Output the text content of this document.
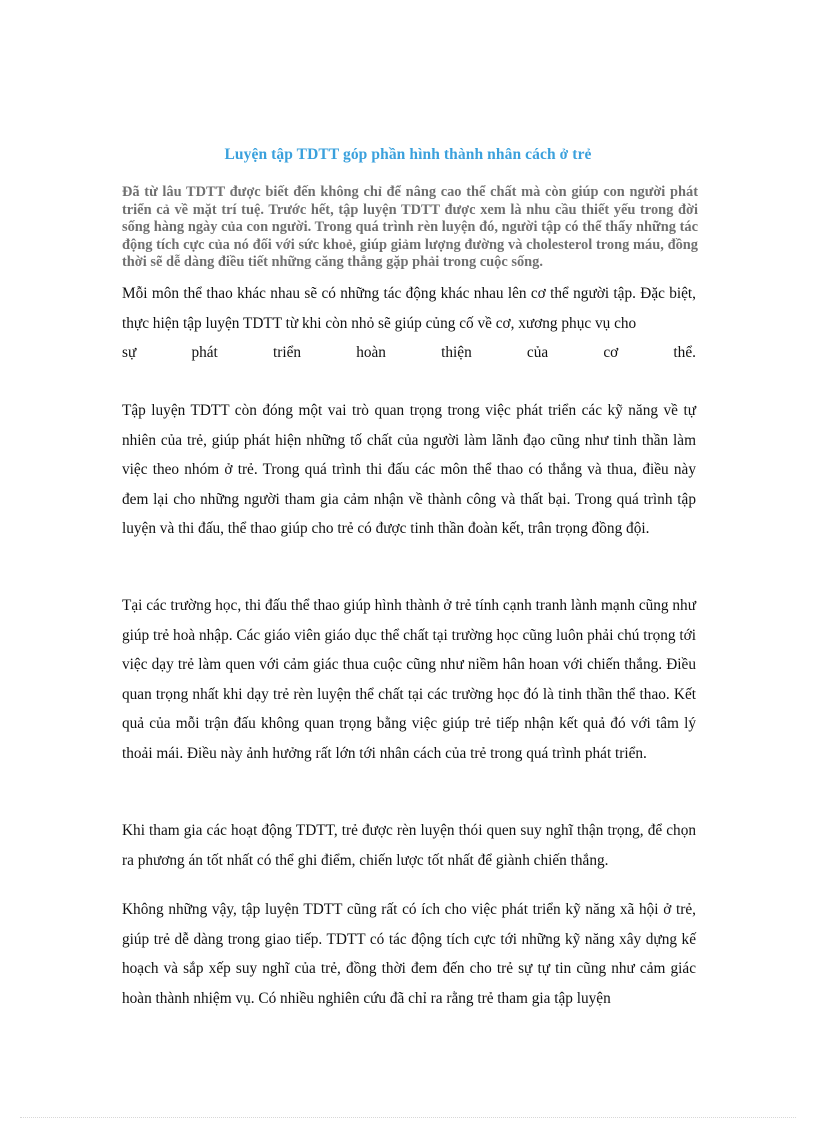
Luyện tập TDTT góp phần hình thành nhân cách ở trẻ
Đã từ lâu TDTT được biết đến không chỉ để nâng cao thể chất mà còn giúp con người phát triển cả về mặt trí tuệ. Trước hết, tập luyện TDTT được xem là nhu cầu thiết yếu trong đời sống hàng ngày của con người. Trong quá trình rèn luyện đó, người tập có thể thấy những tác động tích cực của nó đối với sức khoẻ, giúp giảm lượng đường và cholesterol trong máu, đồng thời sẽ dễ dàng điều tiết những căng thẳng gặp phải trong cuộc sống.
Mỗi môn thể thao khác nhau sẽ có những tác động khác nhau lên cơ thể người tập. Đặc biệt, thực hiện tập luyện TDTT từ khi còn nhỏ sẽ giúp củng cố về cơ, xương phục vụ cho
sự	phát	triển	hoàn	thiện	của	cơ	thể.
Tập luyện TDTT còn đóng một vai trò quan trọng trong việc phát triển các kỹ năng về tự nhiên của trẻ, giúp phát hiện những tố chất của người làm lãnh đạo cũng như tinh thần làm việc theo nhóm ở trẻ. Trong quá trình thi đấu các môn thể thao có thắng và thua, điều này đem lại cho những người tham gia cảm nhận về thành công và thất bại. Trong quá trình tập luyện và thi đấu, thể thao giúp cho trẻ có được tinh thần đoàn kết, trân trọng đồng đội.
Tại các trường học, thi đấu thể thao giúp hình thành ở trẻ tính cạnh tranh lành mạnh cũng như giúp trẻ hoà nhập. Các giáo viên giáo dục thể chất tại trường học cũng luôn phải chú trọng tới việc dạy trẻ làm quen với cảm giác thua cuộc cũng như niềm hân hoan với chiến thắng. Điều quan trọng nhất khi dạy trẻ rèn luyện thể chất tại các trường học đó là tinh thần thể thao. Kết quả của mỗi trận đấu không quan trọng bằng việc giúp trẻ tiếp nhận kết quả đó với tâm lý thoải mái. Điều này ảnh hưởng rất lớn tới nhân cách của trẻ trong quá trình phát triển.
Khi tham gia các hoạt động TDTT, trẻ được rèn luyện thói quen suy nghĩ thận trọng, để chọn ra phương án tốt nhất có thể ghi điểm, chiến lược tốt nhất để giành chiến thắng.
Không những vậy, tập luyện TDTT cũng rất có ích cho việc phát triển kỹ năng xã hội ở trẻ, giúp trẻ dễ dàng trong giao tiếp. TDTT có tác động tích cực tới những kỹ năng xây dựng kế hoạch và sắp xếp suy nghĩ của trẻ, đồng thời đem đến cho trẻ sự tự tin cũng như cảm giác hoàn thành nhiệm vụ. Có nhiều nghiên cứu đã chỉ ra rằng trẻ tham gia tập luyện
